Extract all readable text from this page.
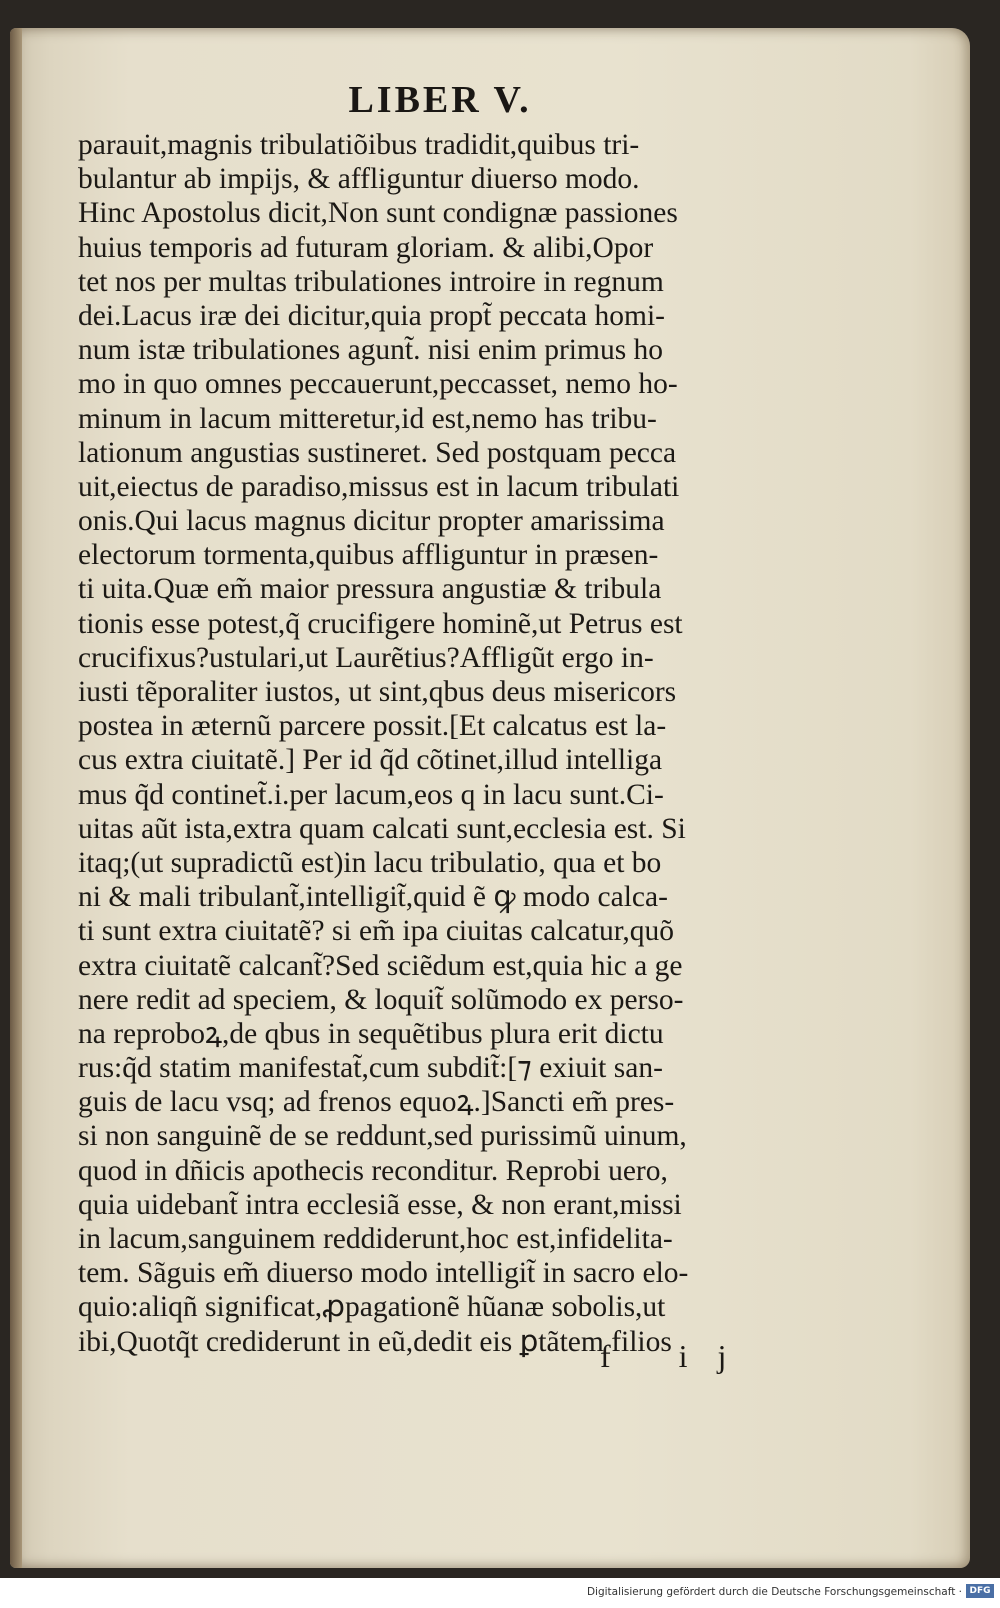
LIBER V.
parauit,magnis tribulatiõibus tradidit,quibus tri-
bulantur ab impijs, & affliguntur diuerso modo.
Hinc Apostolus dicit,Non sunt condignæ passiones
huius temporis ad futuram gloriam. & alibi,Opor
tet nos per multas tribulationes introire in regnum
dei.Lacus iræ dei dicitur,quia propt̃ peccata homi-
num istæ tribulationes agunt̃. nisi enim primus ho
mo in quo omnes peccauerunt,peccasset, nemo ho-
minum in lacum mitteretur,id est,nemo has tribu-
lationum angustias sustineret. Sed postquam pecca
uit,eiectus de paradiso,missus est in lacum tribulati
onis.Qui lacus magnus dicitur propter amarissima
electorum tormenta,quibus affliguntur in præsen-
ti uita.Quæ em̃ maior pressura angustiæ & tribula
tionis esse potest,q̃ crucifigere hominẽ,ut Petrus est
crucifixus?ustulari,ut Laurẽtius?Affligũt ergo in-
iusti tẽporaliter iustos, ut sint,qbus deus misericors
postea in æternũ parcere possit.[Et calcatus est la-
cus extra ciuitatẽ.] Per id q̃d cõtinet,illud intelliga
mus q̃d continet̃.i.per lacum,eos q in lacu sunt.Ci-
uitas aũt ista,extra quam calcati sunt,ecclesia est. Si
itaq;(ut supradictũ est)in lacu tribulatio, qua et bo
ni & mali tribulant̃,intelligit̃,quid ẽ ꝙ modo calca-
ti sunt extra ciuitatẽ? si em̃ ipa ciuitas calcatur,quõ
extra ciuitatẽ calcant̃?Sed sciẽdum est,quia hic a ge
nere redit ad speciem, & loquit̃ solũmodo ex perso-
na reproboꝝ,de qbus in sequẽtibus plura erit dictu
rus:q̃d statim manifestat̃,cum subdit̃:[⁊ exiuit san-
guis de lacu vsq; ad frenos equoꝝ.]Sancti em̃ pres-
si non sanguinẽ de se reddunt,sed purissimũ uinum,
quod in dñicis apothecis reconditur. Reprobi uero,
quia uidebant̃ intra ecclesiã esse, & non erant,missi
in lacum,sanguinem reddiderunt,hoc est,infidelita-
tem. Sãguis em̃ diuerso modo intelligit̃ in sacro elo-
quio:aliqñ significat,ꝓpagationẽ hũanæ sobolis,ut
ibi,Quotq̃t crediderunt in eũ,dedit eis ꝑtãtem filios
f ij
Digitalisierung gefördert durch die Deutsche Forschungsgemeinschaft · DFG
